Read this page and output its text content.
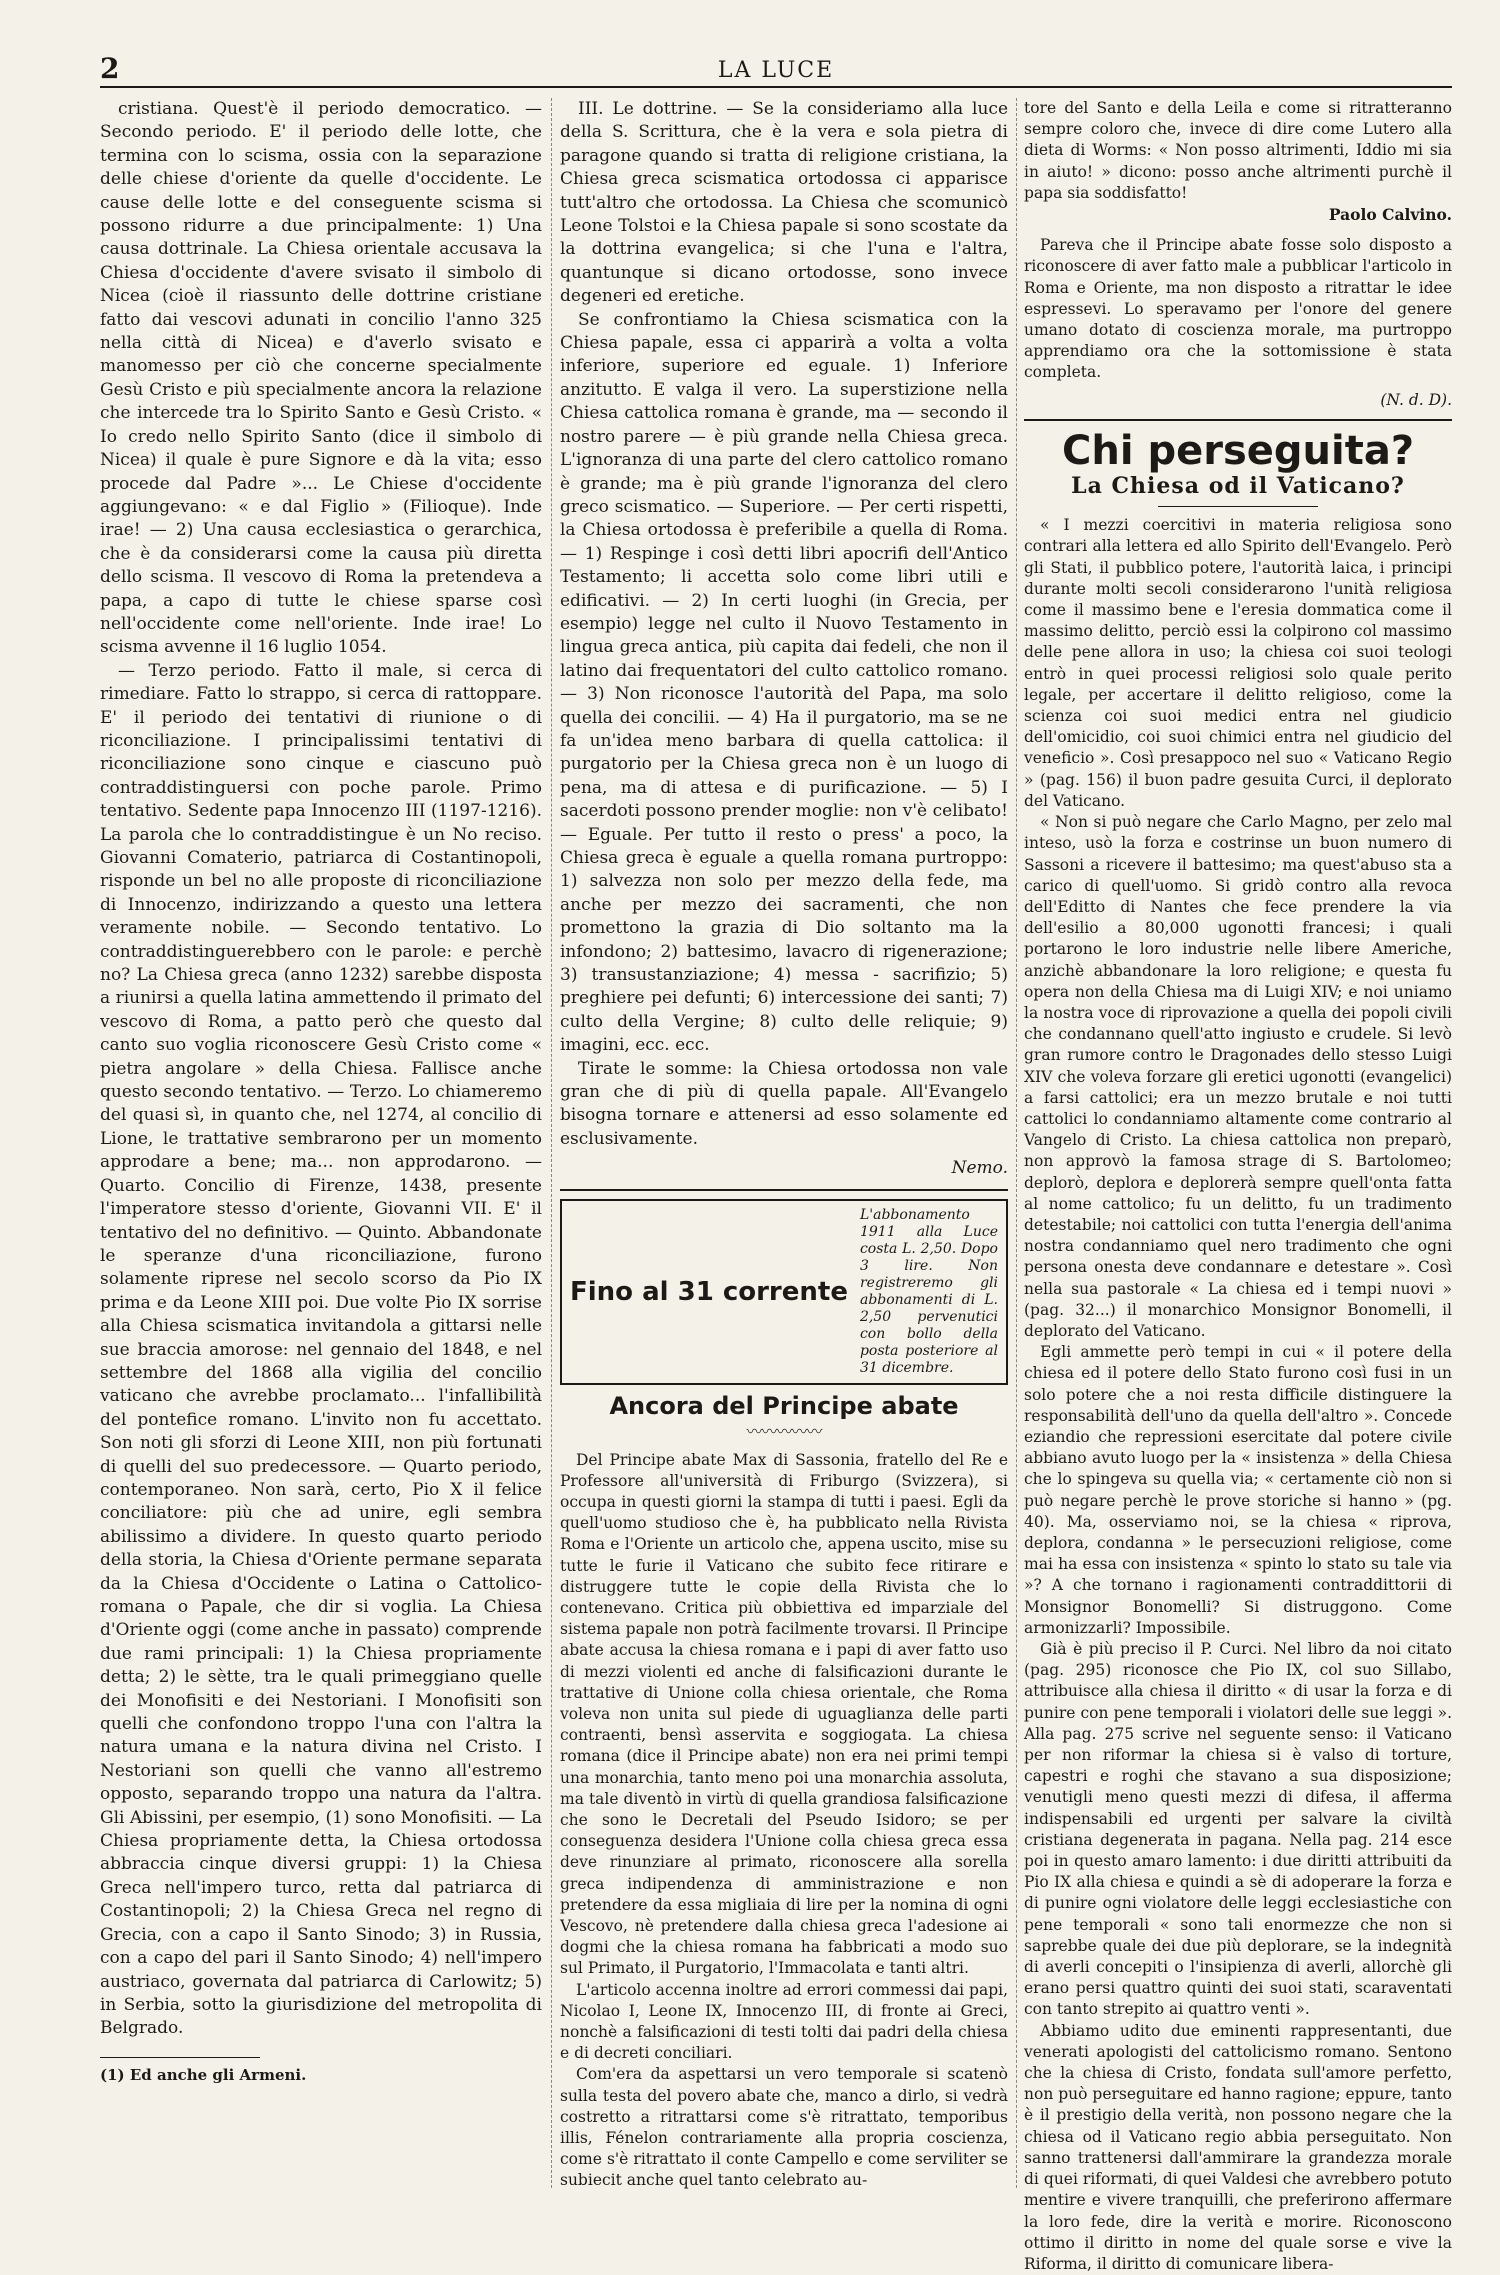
2	LA LUCE

cristiana. Quest'è il periodo democratico. — Secondo periodo. E' il periodo delle lotte, che termina con lo scisma, ossia con la separazione delle chiese d'oriente da quelle d'occidente. Le cause delle lotte e del conseguente scisma si possono ridurre a due principalmente: 1) Una causa dottrinale. La Chiesa orientale accusava la Chiesa d'occidente d'avere svisato il simbolo di Nicea (cioè il riassunto delle dottrine cristiane fatto dai vescovi adunati in concilio l'anno 325 nella città di Nicea) e d'averlo svisato e manomesso per ciò che concerne specialmente Gesù Cristo e più specialmente ancora la relazione che intercede tra lo Spirito Santo e Gesù Cristo. « Io credo nello Spirito Santo (dice il simbolo di Nicea) il quale è pure Signore e dà la vita; esso procede dal Padre »... Le Chiese d'occidente aggiungevano: « e dal Figlio » (Filioque). Inde irae! — 2) Una causa ecclesiastica o gerarchica, che è da considerarsi come la causa più diretta dello scisma. Il vescovo di Roma la pretendeva a papa, a capo di tutte le chiese sparse così nell'occidente come nell'oriente. Inde irae! Lo scisma avvenne il 16 luglio 1054.

— Terzo periodo. Fatto il male, si cerca di rimediare. Fatto lo strappo, si cerca di rattoppare. E' il periodo dei tentativi di riunione o di riconciliazione. I principalissimi tentativi di riconciliazione sono cinque e ciascuno può contraddistinguersi con poche parole. Primo tentativo. Sedente papa Innocenzo III (1197-1216). La parola che lo contraddistingue è un No reciso. Giovanni Comaterio, patriarca di Costantinopoli, risponde un bel no alle proposte di riconciliazione di Innocenzo, indirizzando a questo una lettera veramente nobile. — Secondo tentativo. Lo contraddistinguerebbero con le parole: e perchè no? La Chiesa greca (anno 1232) sarebbe disposta a riunirsi a quella latina ammettendo il primato del vescovo di Roma, a patto però che questo dal canto suo voglia riconoscere Gesù Cristo come « pietra angolare » della Chiesa. Fallisce anche questo secondo tentativo. — Terzo. Lo chiameremo del quasi sì, in quanto che, nel 1274, al concilio di Lione, le trattative sembrarono per un momento approdare a bene; ma... non approdarono. — Quarto. Concilio di Firenze, 1438, presente l'imperatore stesso d'oriente, Giovanni VII. E' il tentativo del no definitivo. — Quinto. Abbandonate le speranze d'una riconciliazione, furono solamente riprese nel secolo scorso da Pio IX prima e da Leone XIII poi. Due volte Pio IX sorrise alla Chiesa scismatica invitandola a gittarsi nelle sue braccia amorose: nel gennaio del 1848, e nel settembre del 1868 alla vigilia del concilio vaticano che avrebbe proclamato... l'infallibilità del pontefice romano. L'invito non fu accettato. Son noti gli sforzi di Leone XIII, non più fortunati di quelli del suo predecessore. — Quarto periodo, contemporaneo. Non sarà, certo, Pio X il felice conciliatore: più che ad unire, egli sembra abilissimo a dividere. In questo quarto periodo della storia, la Chiesa d'Oriente permane separata da la Chiesa d'Occidente o Latina o Cattolico-romana o Papale, che dir si voglia. La Chiesa d'Oriente oggi (come anche in passato) comprende due rami principali: 1) la Chiesa propriamente detta; 2) le sètte, tra le quali primeggiano quelle dei Monofisiti e dei Nestoriani. I Monofisiti son quelli che confondono troppo l'una con l'altra la natura umana e la natura divina nel Cristo. I Nestoriani son quelli che vanno all'estremo opposto, separando troppo una natura da l'altra. Gli Abissini, per esempio, (1) sono Monofisiti. — La Chiesa propriamente detta, la Chiesa ortodossa abbraccia cinque diversi gruppi: 1) la Chiesa Greca nell'impero turco, retta dal patriarca di Costantinopoli; 2) la Chiesa Greca nel regno di Grecia, con a capo il Santo Sinodo; 3) in Russia, con a capo del pari il Santo Sinodo; 4) nell'impero austriaco, governata dal patriarca di Carlowitz; 5) in Serbia, sotto la giurisdizione del metropolita di Belgrado.

(1) Ed anche gli Armeni.

III. Le dottrine. — Se la consideriamo alla luce della S. Scrittura, che è la vera e sola pietra di paragone quando si tratta di religione cristiana, la Chiesa greca scismatica ortodossa ci apparisce tutt'altro che ortodossa. La Chiesa che scomunicò Leone Tolstoi e la Chiesa papale si sono scostate da la dottrina evangelica; si che l'una e l'altra, quantunque si dicano ortodosse, sono invece degeneri ed eretiche.

Se confrontiamo la Chiesa scismatica con la Chiesa papale, essa ci apparirà a volta a volta inferiore, superiore ed eguale. 1) Inferiore anzitutto. E valga il vero. La superstizione nella Chiesa cattolica romana è grande, ma — secondo il nostro parere — è più grande nella Chiesa greca. L'ignoranza di una parte del clero cattolico romano è grande; ma è più grande l'ignoranza del clero greco scismatico. — Superiore. — Per certi rispetti, la Chiesa ortodossa è preferibile a quella di Roma. — 1) Respinge i così detti libri apocrifi dell'Antico Testamento; li accetta solo come libri utili e edificativi. — 2) In certi luoghi (in Grecia, per esempio) legge nel culto il Nuovo Testamento in lingua greca antica, più capita dai fedeli, che non il latino dai frequentatori del culto cattolico romano. — 3) Non riconosce l'autorità del Papa, ma solo quella dei concilii. — 4) Ha il purgatorio, ma se ne fa un'idea meno barbara di quella cattolica: il purgatorio per la Chiesa greca non è un luogo di pena, ma di attesa e di purificazione. — 5) I sacerdoti possono prender moglie: non v'è celibato! — Eguale. Per tutto il resto o press' a poco, la Chiesa greca è eguale a quella romana purtroppo: 1) salvezza non solo per mezzo della fede, ma anche per mezzo dei sacramenti, che non promettono la grazia di Dio soltanto ma la infondono; 2) battesimo, lavacro di rigenerazione; 3) transustanziazione; 4) messa - sacrifizio; 5) preghiere pei defunti; 6) intercessione dei santi; 7) culto della Vergine; 8) culto delle reliquie; 9) imagini, ecc. ecc.

Tirate le somme: la Chiesa ortodossa non vale gran che di più di quella papale. All'Evangelo bisogna tornare e attenersi ad esso solamente ed esclusivamente.

Nemo.
Fino al 31 corrente
L'abbonamento 1911 alla Luce costa L. 2,50. Dopo 3 lire. Non registreremo gli abbonamenti di L. 2,50 pervenutici con bollo della posta posteriore al 31 dicembre.
Ancora del Principe abate
〰〰〰〰〰

Del Principe abate Max di Sassonia, fratello del Re e Professore all'università di Friburgo (Svizzera), si occupa in questi giorni la stampa di tutti i paesi. Egli da quell'uomo studioso che è, ha pubblicato nella Rivista Roma e l'Oriente un articolo che, appena uscito, mise su tutte le furie il Vaticano che subito fece ritirare e distruggere tutte le copie della Rivista che lo contenevano. Critica più obbiettiva ed imparziale del sistema papale non potrà facilmente trovarsi. Il Principe abate accusa la chiesa romana e i papi di aver fatto uso di mezzi violenti ed anche di falsificazioni durante le trattative di Unione colla chiesa orientale, che Roma voleva non unita sul piede di uguaglianza delle parti contraenti, bensì asservita e soggiogata. La chiesa romana (dice il Principe abate) non era nei primi tempi una monarchia, tanto meno poi una monarchia assoluta, ma tale diventò in virtù di quella grandiosa falsificazione che sono le Decretali del Pseudo Isidoro; se per conseguenza desidera l'Unione colla chiesa greca essa deve rinunziare al primato, riconoscere alla sorella greca indipendenza di amministrazione e non pretendere da essa migliaia di lire per la nomina di ogni Vescovo, nè pretendere dalla chiesa greca l'adesione ai dogmi che la chiesa romana ha fabbricati a modo suo sul Primato, il Purgatorio, l'Immacolata e tanti altri.

L'articolo accenna inoltre ad errori commessi dai papi, Nicolao I, Leone IX, Innocenzo III, di fronte ai Greci, nonchè a falsificazioni di testi tolti dai padri della chiesa e di decreti conciliari.

Com'era da aspettarsi un vero temporale si scatenò sulla testa del povero abate che, manco a dirlo, si vedrà costretto a ritrattarsi come s'è ritrattato, temporibus illis, Fénelon contrariamente alla propria coscienza, come s'è ritrattato il conte Campello e come serviliter se subiecit anche quel tanto celebrato au-

tore del Santo e della Leila e come si ritratteranno sempre coloro che, invece di dire come Lutero alla dieta di Worms: « Non posso altrimenti, Iddio mi sia in aiuto! » dicono: posso anche altrimenti purchè il papa sia soddisfatto!

Paolo Calvino.

Pareva che il Principe abate fosse solo disposto a riconoscere di aver fatto male a pubblicar l'articolo in Roma e Oriente, ma non disposto a ritrattar le idee espressevi. Lo speravamo per l'onore del genere umano dotato di coscienza morale, ma purtroppo apprendiamo ora che la sottomissione è stata completa.

(N. d. D).
Chi perseguita?
La Chiesa od il Vaticano?

« I mezzi coercitivi in materia religiosa sono contrari alla lettera ed allo Spirito dell'Evangelo. Però gli Stati, il pubblico potere, l'autorità laica, i principi durante molti secoli considerarono l'unità religiosa come il massimo bene e l'eresia dommatica come il massimo delitto, perciò essi la colpirono col massimo delle pene allora in uso; la chiesa coi suoi teologi entrò in quei processi religiosi solo quale perito legale, per accertare il delitto religioso, come la scienza coi suoi medici entra nel giudicio dell'omicidio, coi suoi chimici entra nel giudicio del veneficio ». Così presappoco nel suo « Vaticano Regio » (pag. 156) il buon padre gesuita Curci, il deplorato del Vaticano.

« Non si può negare che Carlo Magno, per zelo mal inteso, usò la forza e costrinse un buon numero di Sassoni a ricevere il battesimo; ma quest'abuso sta a carico di quell'uomo. Si gridò contro alla revoca dell'Editto di Nantes che fece prendere la via dell'esilio a 80,000 ugonotti francesi; i quali portarono le loro industrie nelle libere Americhe, anzichè abbandonare la loro religione; e questa fu opera non della Chiesa ma di Luigi XIV; e noi uniamo la nostra voce di riprovazione a quella dei popoli civili che condannano quell'atto ingiusto e crudele. Si levò gran rumore contro le Dragonades dello stesso Luigi XIV che voleva forzare gli eretici ugonotti (evangelici) a farsi cattolici; era un mezzo brutale e noi tutti cattolici lo condanniamo altamente come contrario al Vangelo di Cristo. La chiesa cattolica non preparò, non approvò la famosa strage di S. Bartolomeo; deplorò, deplora e deplorerà sempre quell'onta fatta al nome cattolico; fu un delitto, fu un tradimento detestabile; noi cattolici con tutta l'energia dell'anima nostra condanniamo quel nero tradimento che ogni persona onesta deve condannare e detestare ». Così nella sua pastorale « La chiesa ed i tempi nuovi » (pag. 32...) il monarchico Monsignor Bonomelli, il deplorato del Vaticano.

Egli ammette però tempi in cui « il potere della chiesa ed il potere dello Stato furono così fusi in un solo potere che a noi resta difficile distinguere la responsabilità dell'uno da quella dell'altro ». Concede eziandio che repressioni esercitate dal potere civile abbiano avuto luogo per la « insistenza » della Chiesa che lo spingeva su quella via; « certamente ciò non si può negare perchè le prove storiche si hanno » (pg. 40). Ma, osserviamo noi, se la chiesa « riprova, deplora, condanna » le persecuzioni religiose, come mai ha essa con insistenza « spinto lo stato su tale via »? A che tornano i ragionamenti contraddittorii di Monsignor Bonomelli? Si distruggono. Come armonizzarli? Impossibile.

Già è più preciso il P. Curci. Nel libro da noi citato (pag. 295) riconosce che Pio IX, col suo Sillabo, attribuisce alla chiesa il diritto « di usar la forza e di punire con pene temporali i violatori delle sue leggi ». Alla pag. 275 scrive nel seguente senso: il Vaticano per non riformar la chiesa si è valso di torture, capestri e roghi che stavano a sua disposizione; venutigli meno questi mezzi di difesa, il afferma indispensabili ed urgenti per salvare la civiltà cristiana degenerata in pagana. Nella pag. 214 esce poi in questo amaro lamento: i due diritti attribuiti da Pio IX alla chiesa e quindi a sè di adoperare la forza e di punire ogni violatore delle leggi ecclesiastiche con pene temporali « sono tali enormezze che non si saprebbe quale dei due più deplorare, se la indegnità di averli concepiti o l'insipienza di averli, allorchè gli erano persi quattro quinti dei suoi stati, scaraventati con tanto strepito ai quattro venti ».

Abbiamo udito due eminenti rappresentanti, due venerati apologisti del cattolicismo romano. Sentono che la chiesa di Cristo, fondata sull'amore perfetto, non può perseguitare ed hanno ragione; eppure, tanto è il prestigio della verità, non possono negare che la chiesa od il Vaticano regio abbia perseguitato. Non sanno trattenersi dall'ammirare la grandezza morale di quei riformati, di quei Valdesi che avrebbero potuto mentire e vivere tranquilli, che preferirono affermare la loro fede, dire la verità e morire. Riconoscono ottimo il diritto in nome del quale sorse e vive la Riforma, il diritto di comunicare libera-
